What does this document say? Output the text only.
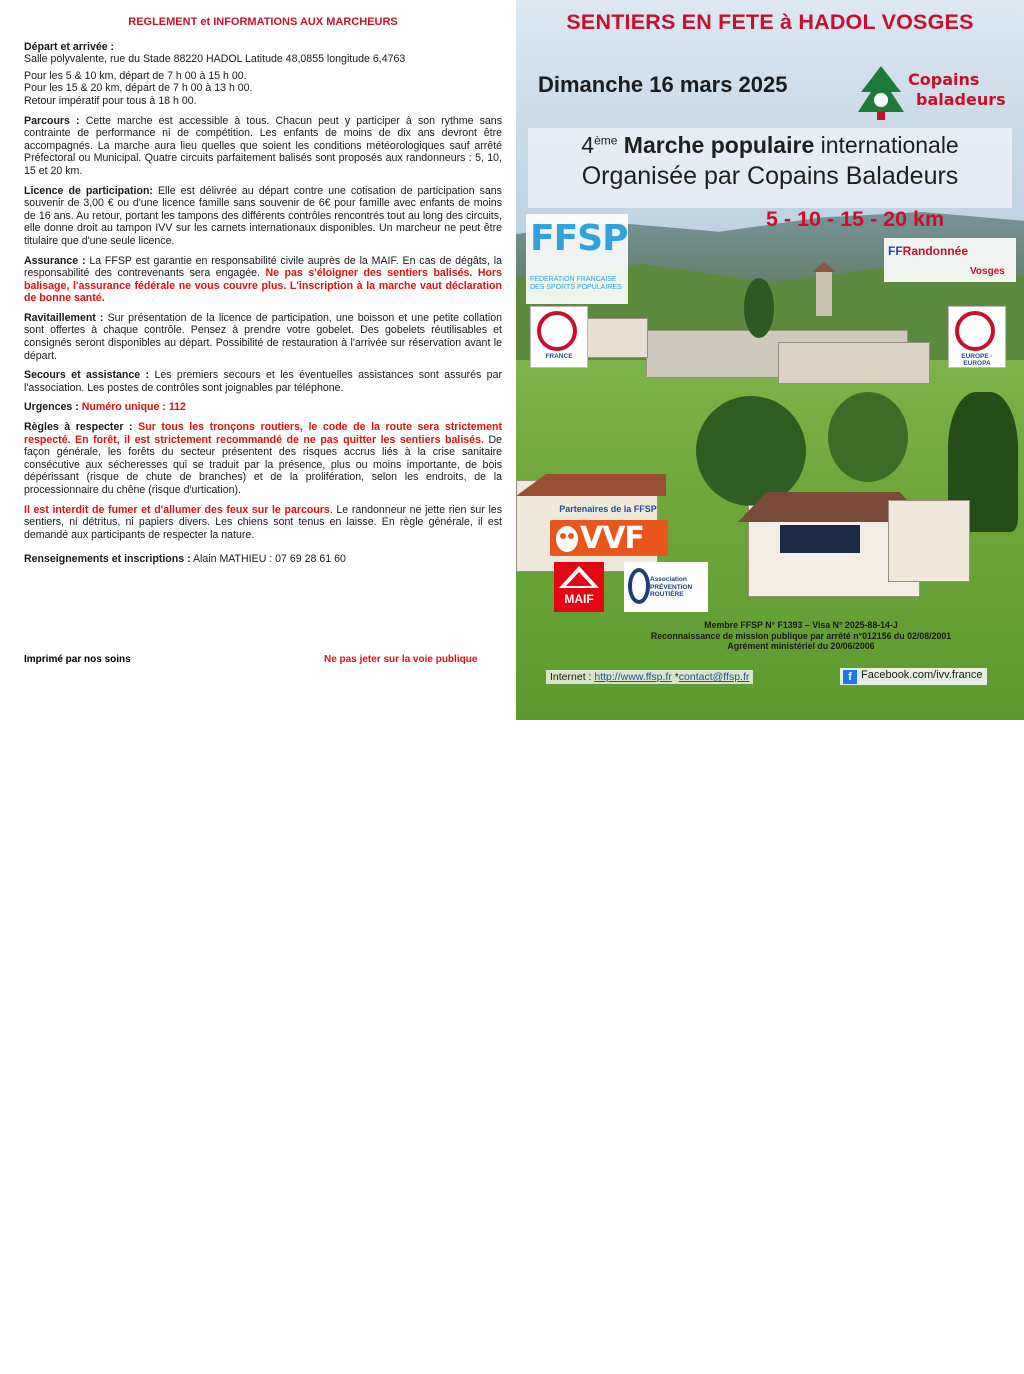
REGLEMENT et INFORMATIONS AUX MARCHEURS
Départ et arrivée :
Salle polyvalente, rue du Stade 88220 HADOL Latitude 48,0855 longitude 6,4763
Pour les 5 & 10 km, départ de 7 h 00 à 15 h 00.
Pour les 15 & 20 km, départ de 7 h 00 à 13 h 00.
Retour impératif pour tous à 18 h 00.
Parcours : Cette marche est accessible à tous. Chacun peut y participer à son rythme sans contrainte de performance ni de compétition. Les enfants de moins de dix ans devront être accompagnés. La marche aura lieu quelles que soient les conditions météorologiques sauf arrêté Préfectoral ou Municipal. Quatre circuits parfaitement balisés sont proposés aux randonneurs : 5, 10, 15 et 20 km.
Licence de participation: Elle est délivrée au départ contre une cotisation de participation sans souvenir de 3,00 € ou d'une licence famille sans souvenir de 6€ pour famille avec enfants de moins de 16 ans. Au retour, portant les tampons des différents contrôles rencontrés tout au long des circuits, elle donne droit au tampon IVV sur les carnets internationaux disponibles. Un marcheur ne peut être titulaire que d'une seule licence.
Assurance : La FFSP est garantie en responsabilité civile auprès de la MAIF. En cas de dégâts, la responsabilité des contrevenants sera engagée. Ne pas s'éloigner des sentiers balisés. Hors balisage, l'assurance fédérale ne vous couvre plus. L'inscription à la marche vaut déclaration de bonne santé.
Ravitaillement : Sur présentation de la licence de participation, une boisson et une petite collation sont offertes à chaque contrôle. Pensez à prendre votre gobelet. Des gobelets réutilisables et consignés seront disponibles au départ. Possibilité de restauration à l'arrivée sur réservation avant le départ.
Secours et assistance : Les premiers secours et les éventuelles assistances sont assurés par l'association. Les postes de contrôles sont joignables par téléphone.
Urgences : Numéro unique : 112
Règles à respecter : Sur tous les tronçons routiers, le code de la route sera strictement respecté. En forêt, il est strictement recommandé de ne pas quitter les sentiers balisés. De façon générale, les forêts du secteur présentent des risques accrus liés à la crise sanitaire consécutive aux sécheresses qui se traduit par la présence, plus ou moins importante, de bois dépérissant (risque de chute de branches) et de la prolifération, selon les endroits, de la processionnaire du chêne (risque d'urtication).
Il est interdit de fumer et d'allumer des feux sur le parcours. Le randonneur ne jette rien sur les sentiers, ni détritus, ni papiers divers. Les chiens sont tenus en laisse. En règle générale, il est demandé aux participants de respecter la nature.
Renseignements et inscriptions : Alain MATHIEU : 07 69 28 61 60
Imprimé par nos soins	Ne pas jeter sur la voie publique
SENTIERS EN FETE à HADOL VOSGES
Dimanche 16 mars 2025	Copains
baladeurs
4ème Marche populaire internationale
Organisée par Copains Baladeurs
5 - 10 - 15 - 20 km
FFSP
FEDERATION FRANCAISE DES SPORTS POPULAIRES
FFRandonnée
Vosges
FRANCE	EUROPE · EUROPA
Partenaires de la FFSP
VVF
MAIF
Association PRÉVENTION ROUTIÈRE
Membre FFSP N° F1393 – Visa N° 2025-88-14-J
Reconnaissance de mission publique par arrêté n°012156 du 02/08/2001
Agrément ministériel du 20/06/2006
Internet : http://www.ffsp.fr *contact@ffsp.fr	f Facebook.com/ivv.france
